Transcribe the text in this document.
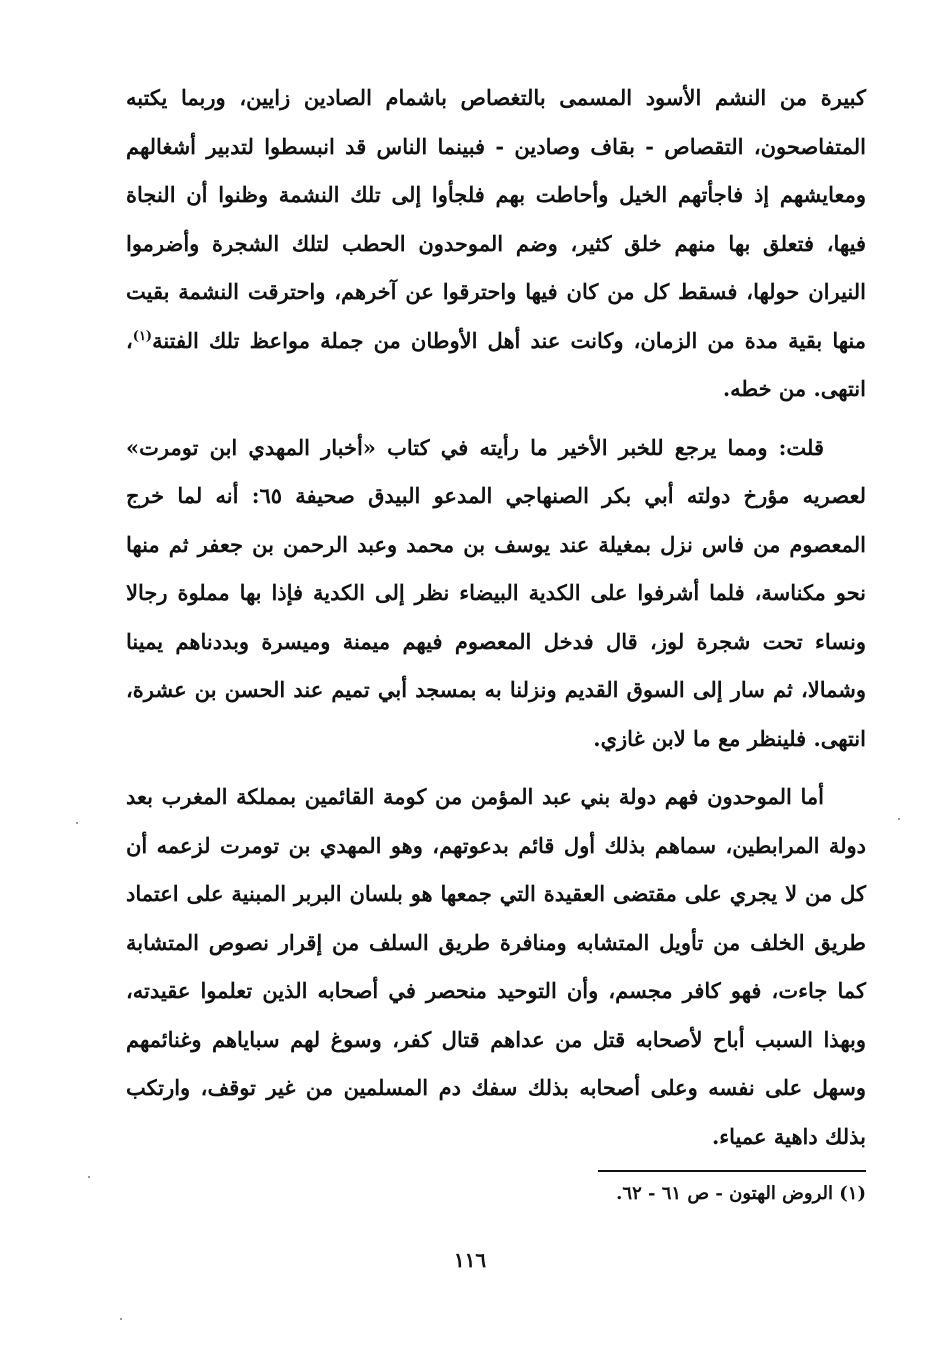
كبيرة من النشم الأسود المسمى بالتغصاص باشمام الصادين زايين، وربما يكتبه المتفاصحون، التقصاص - بقاف وصادين - فبينما الناس قد انبسطوا لتدبير أشغالهم ومعايشهم إذ فاجأتهم الخيل وأحاطت بهم فلجأوا إلى تلك النشمة وظنوا أن النجاة فيها، فتعلق بها منهم خلق كثير، وضم الموحدون الحطب لتلك الشجرة وأضرموا النيران حولها، فسقط كل من كان فيها واحترقوا عن آخرهم، واحترقت النشمة بقيت منها بقية مدة من الزمان، وكانت عند أهل الأوطان من جملة مواعظ تلك الفتنة$^{(١)}$، انتهى. من خطه.

قلت: ومما يرجع للخبر الأخير ما رأيته في كتاب «أخبار المهدي ابن تومرت» لعصريه مؤرخ دولته أبي بكر الصنهاجي المدعو البيدق صحيفة ٦٥: أنه لما خرج المعصوم من فاس نزل بمغيلة عند يوسف بن محمد وعبد الرحمن بن جعفر ثم منها نحو مكناسة، فلما أشرفوا على الكدية البيضاء نظر إلى الكدية فإذا بها مملوة رجالا ونساء تحت شجرة لوز، قال فدخل المعصوم فيهم ميمنة وميسرة وبددناهم يمينا وشمالا، ثم سار إلى السوق القديم ونزلنا به بمسجد أبي تميم عند الحسن بن عشرة، انتهى. فلينظر مع ما لابن غازي.

أما الموحدون فهم دولة بني عبد المؤمن من كومة القائمين بمملكة المغرب بعد دولة المرابطين، سماهم بذلك أول قائم بدعوتهم، وهو المهدي بن تومرت لزعمه أن كل من لا يجري على مقتضى العقيدة التي جمعها هو بلسان البربر المبنية على اعتماد طريق الخلف من تأويل المتشابه ومنافرة طريق السلف من إقرار نصوص المتشابة كما جاءت، فهو كافر مجسم، وأن التوحيد منحصر في أصحابه الذين تعلموا عقيدته، وبهذا السبب أباح لأصحابه قتل من عداهم قتال كفر، وسوغ لهم سباياهم وغنائمهم وسهل على نفسه وعلى أصحابه بذلك سفك دم المسلمين من غير توقف، وارتكب بذلك داهية عمياء.

(١) الروض الهتون - ص ٦١ - ٦٢.
١١٦
